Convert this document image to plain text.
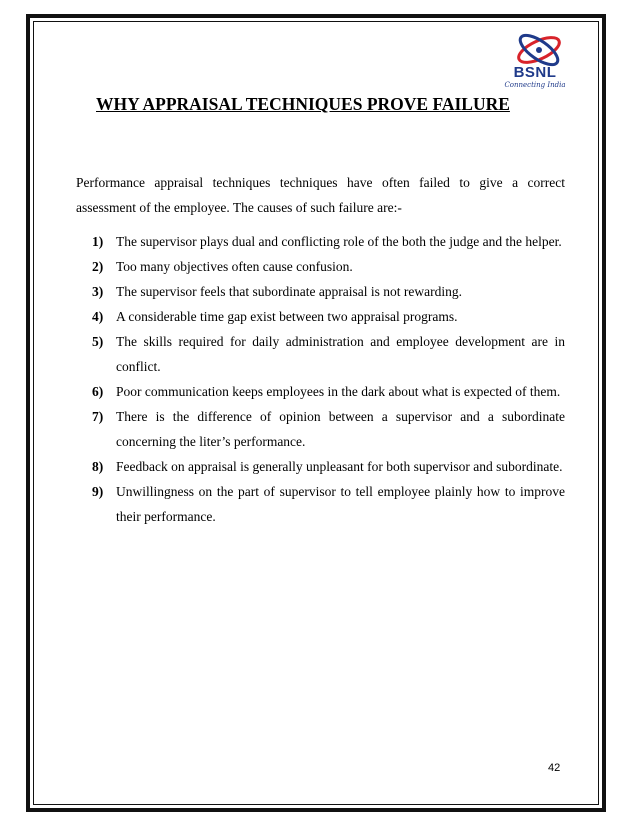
BSNL
Connecting India
WHY APPRAISAL TECHNIQUES PROVE FAILURE
Performance appraisal techniques techniques have often failed to give a correct
assessment of the employee. The causes of such failure are:-
1) The supervisor plays dual and conflicting role of the both the judge and the helper.
2) Too many objectives often cause confusion.
3) The supervisor feels that subordinate appraisal is not rewarding.
4) A considerable time gap exist between two appraisal programs.
5) The skills required for daily administration and employee development are in conflict.
6) Poor communication keeps employees in the dark about what is expected of them.
7) There is the difference of opinion between a supervisor and a subordinate concerning the liter’s performance.
8) Feedback on appraisal is generally unpleasant for both supervisor and subordinate.
9) Unwillingness on the part of supervisor to tell employee plainly how to improve their performance.
42
